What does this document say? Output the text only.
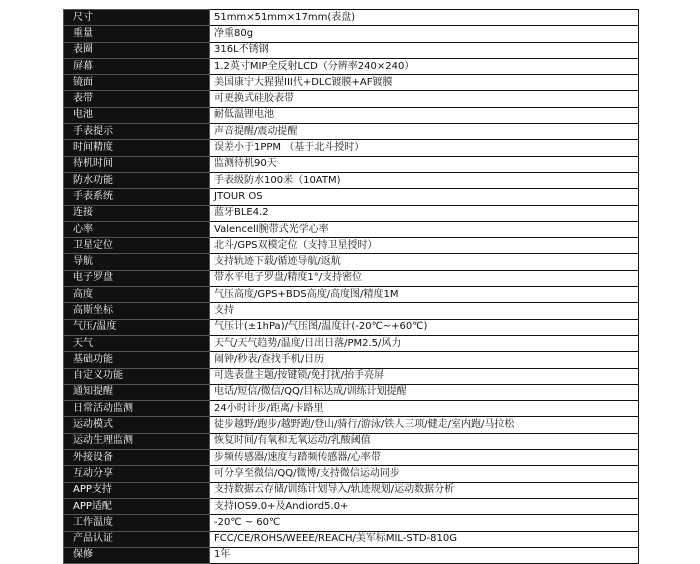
尺寸	51mm×51mm×17mm(表盘)
重量	净重80g
表圈	316L不锈钢
屏幕	1.2英寸MIP全反射LCD（分辨率240×240）
镜面	美国康宁大猩猩III代+DLC镀膜+AF镀膜
表带	可更换式硅胶表带
电池	耐低温锂电池
手表提示	声音提醒/震动提醒
时间精度	误差小于1PPM （基于北斗授时）
待机时间	监测待机90天
防水功能	手表级防水100米（10ATM)
手表系统	JTOUR OS
连接	蓝牙BLE4.2
心率	Valencell腕带式光学心率
卫星定位	北斗/GPS双模定位（支持卫星授时）
导航	支持轨迹下载/循迹导航/返航
电子罗盘	带水平电子罗盘/精度1°/支持密位
高度	气压高度/GPS+BDS高度/高度图/精度1M
高斯坐标	支持
气压/温度	气压计(±1hPa)/气压图/温度计(-20℃~+60℃)
天气	天气/天气趋势/温度/日出日落/PM2.5/风力
基础功能	闹钟/秒表/查找手机/日历
自定义功能	可选表盘主题/按键锁/免打扰/抬手亮屏
通知提醒	电话/短信/微信/QQ/目标达成/训练计划提醒
日常活动监测	24小时计步/距离/卡路里
运动模式	徒步越野/跑步/越野跑/登山/骑行/游泳/铁人三项/健走/室内跑/马拉松
运动生理监测	恢复时间/有氧和无氧运动/乳酸阈值
外接设备	步频传感器/速度与踏频传感器/心率带
互动分享	可分享至微信/QQ/微博/支持微信运动同步
APP支持	支持数据云存储/训练计划导入/轨迹规划/运动数据分析
APP适配	支持IOS9.0+及Andiord5.0+
工作温度	-20℃ ~ 60℃
产品认证	FCC/CE/ROHS/WEEE/REACH/美军标MIL-STD-810G
保修	1年
